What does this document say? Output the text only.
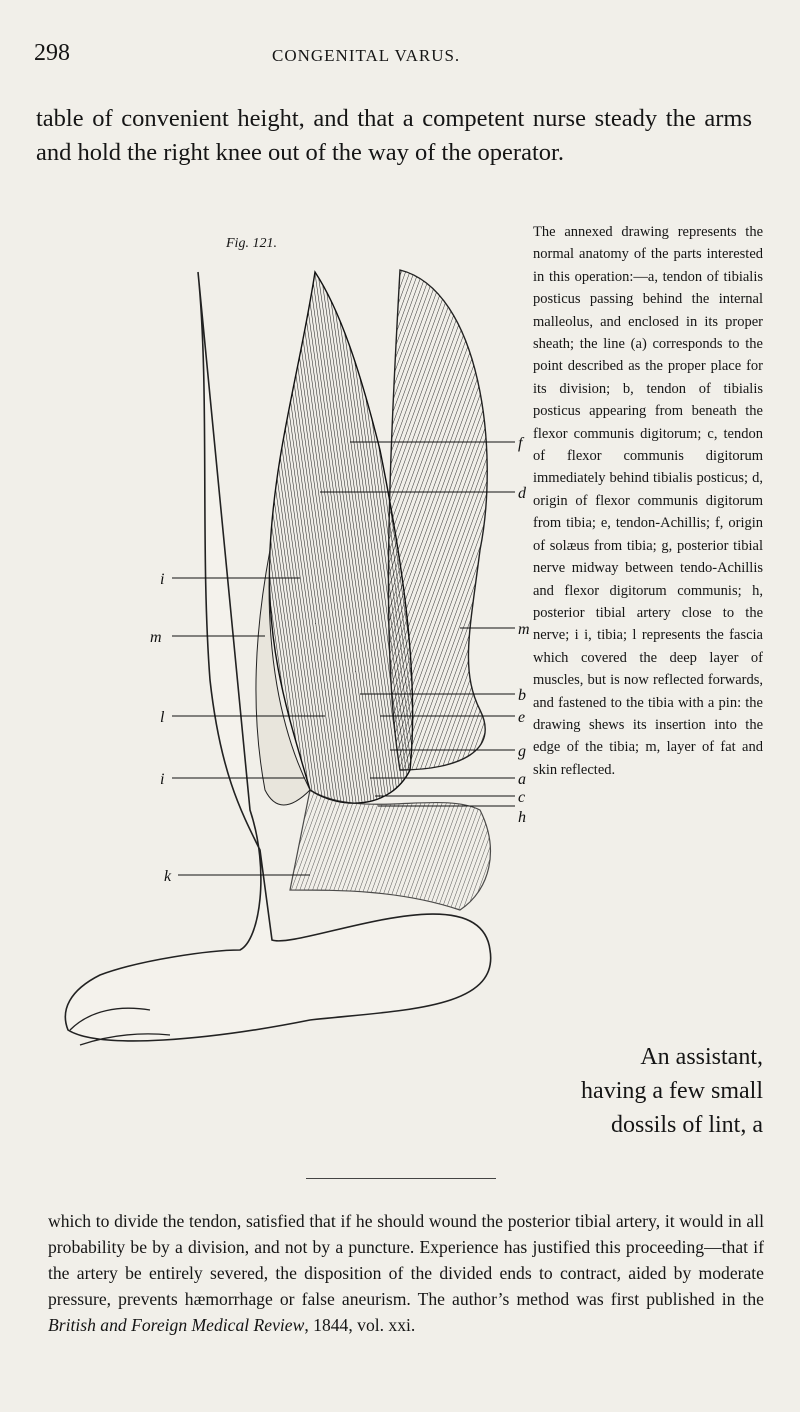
298	CONGENITAL VARUS.
table of convenient height, and that a competent nurse steady the arms and hold the right knee out of the way of the operator.
Fig. 121.
f
d
m
b
e
g
a
c
h
i
m
l
i
k
The annexed drawing represents the normal anatomy of the parts interested in this operation:—a, tendon of tibialis posticus passing behind the internal malleolus, and enclosed in its proper sheath; the line (a) corresponds to the point described as the proper place for its division; b, tendon of tibialis posticus appearing from beneath the flexor communis digitorum; c, tendon of flexor communis digitorum immediately behind tibialis posticus; d, origin of flexor communis digitorum from tibia; e, tendon-Achillis; f, origin of solæus from tibia; g, posterior tibial nerve midway between tendo-Achillis and flexor digitorum communis; h, posterior tibial artery close to the nerve; i i, tibia; l represents the fascia which covered the deep layer of muscles, but is now reflected forwards, and fastened to the tibia with a pin: the drawing shews its insertion into the edge of the tibia; m, layer of fat and skin reflected.
An assistant,
having a few small
dossils of lint, a
which to divide the tendon, satisfied that if he should wound the posterior tibial artery, it would in all probability be by a division, and not by a puncture. Experience has justified this proceeding—that if the artery be entirely severed, the disposition of the divided ends to contract, aided by moderate pressure, prevents hæmorrhage or false aneurism. The author’s method was first published in the British and Foreign Medical Review, 1844, vol. xxi.
